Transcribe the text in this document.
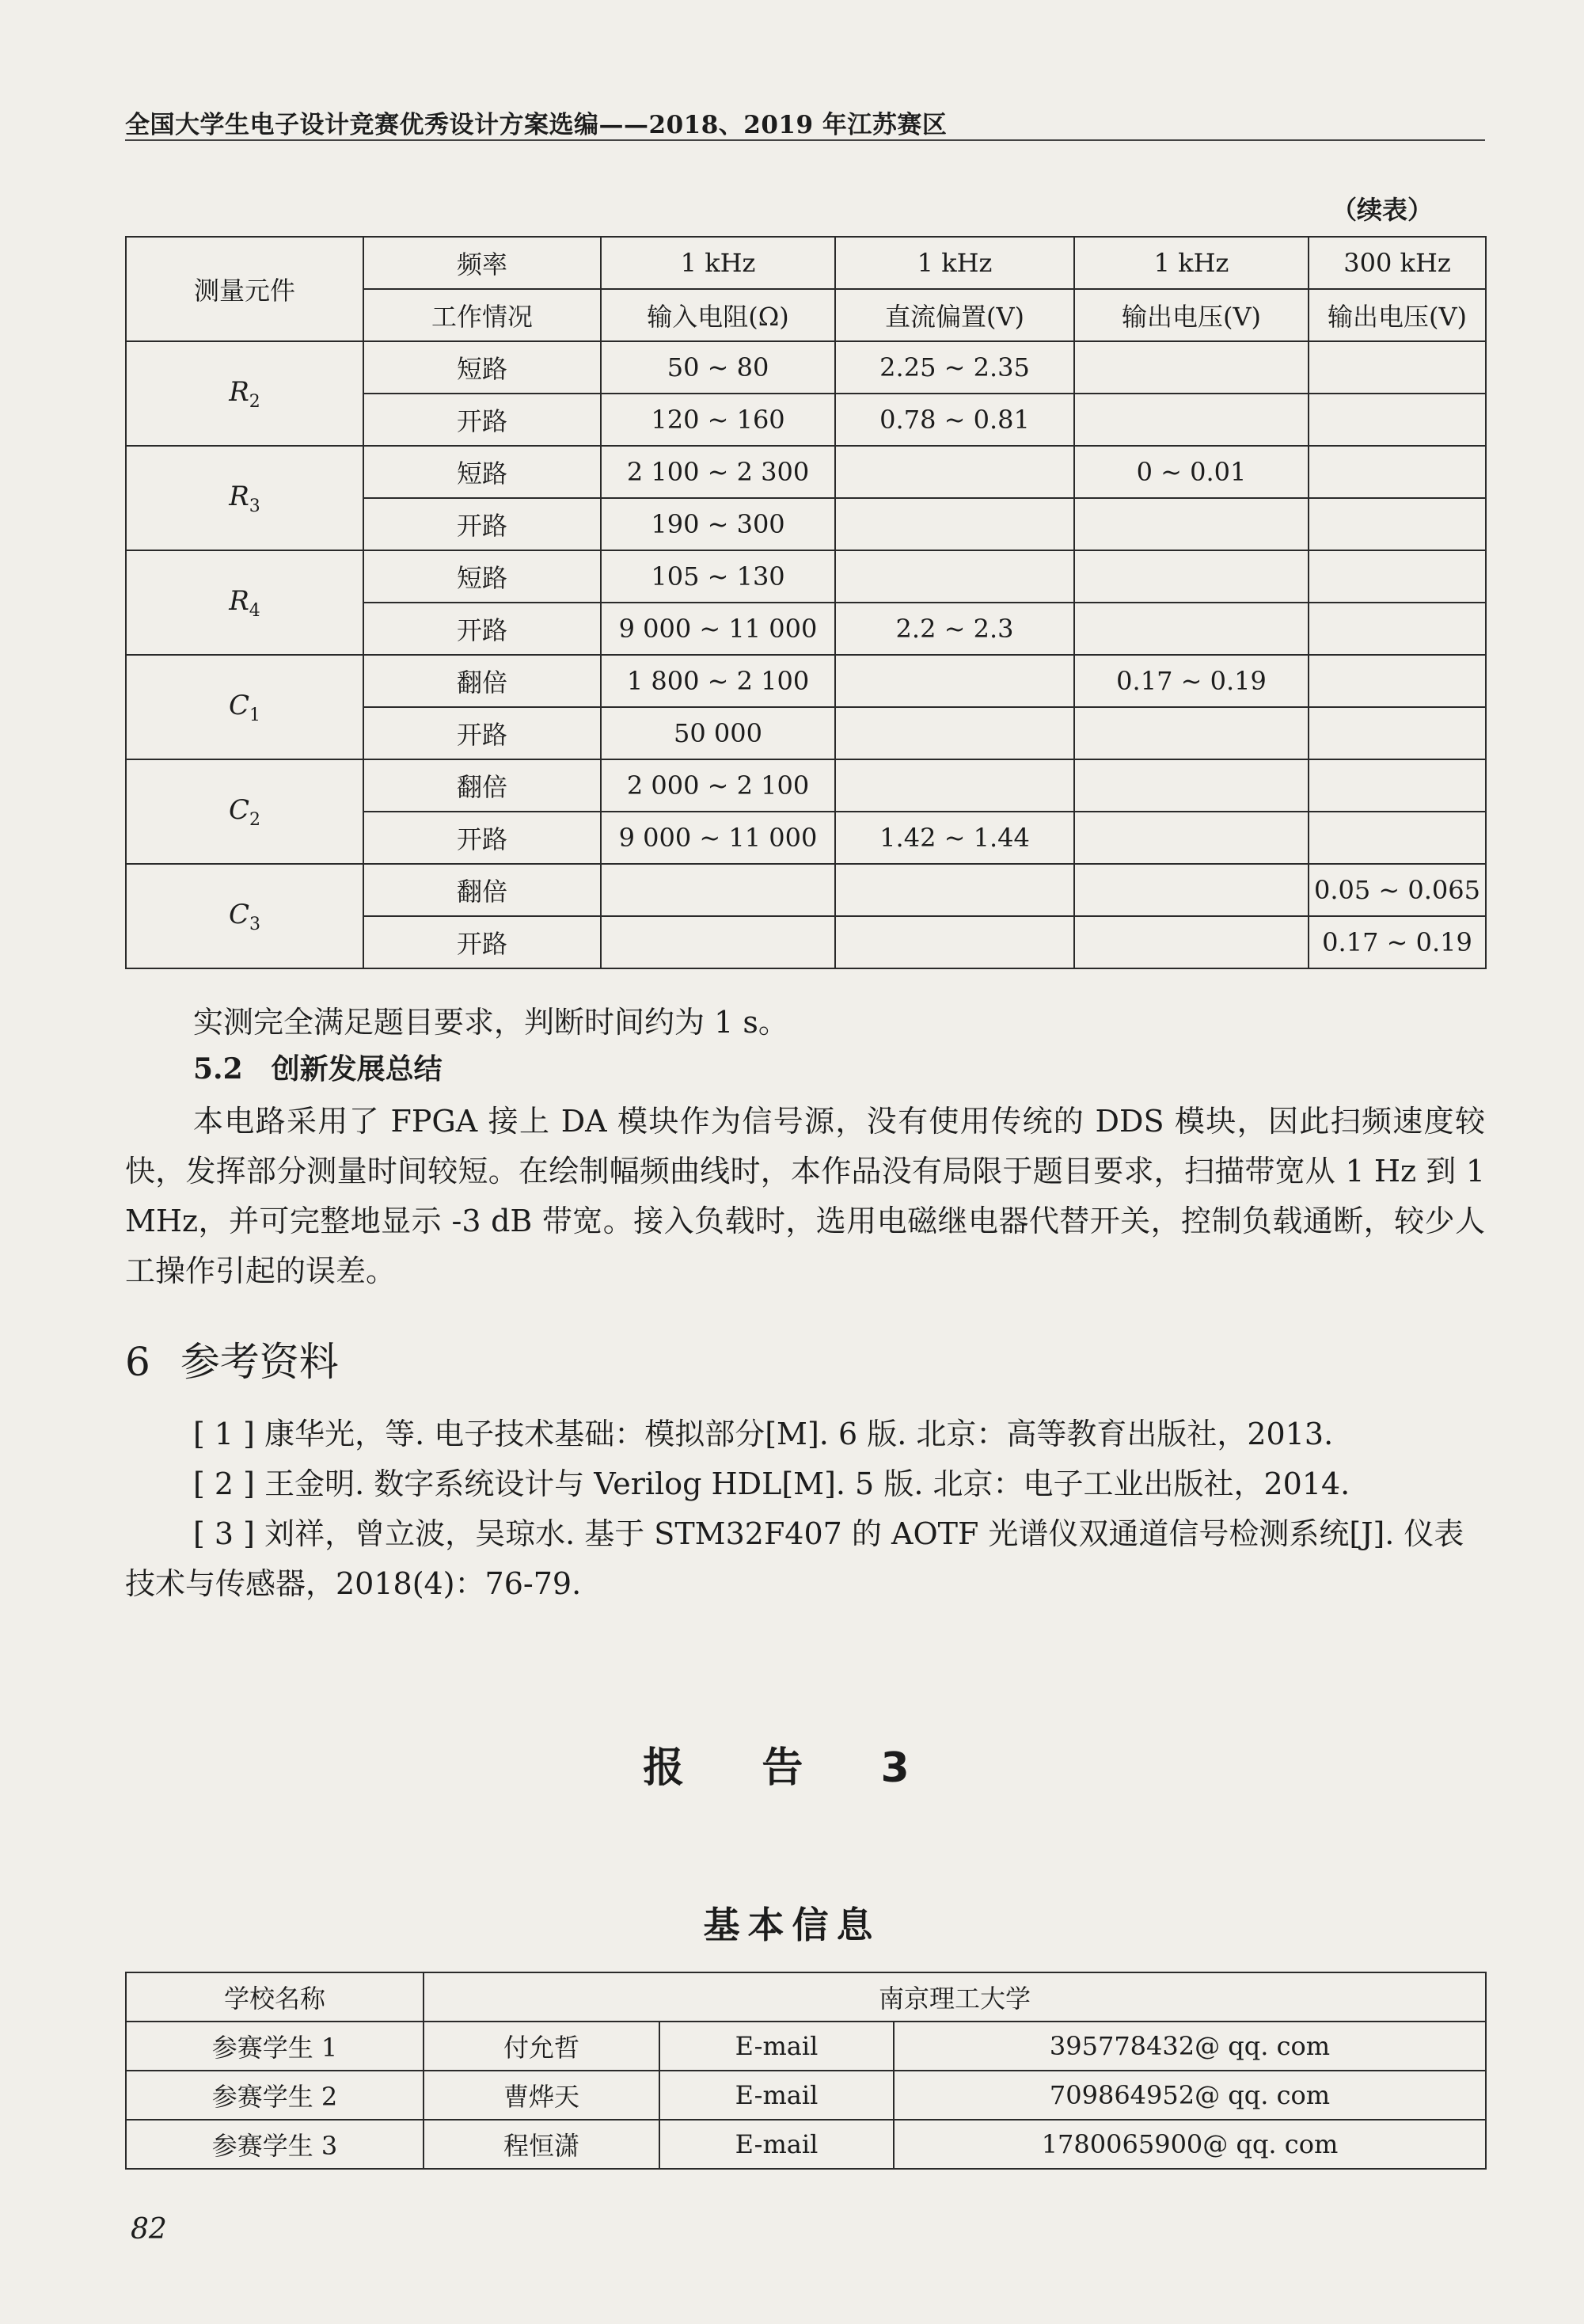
全国大学生电子设计竞赛优秀设计方案选编——2018、2019 年江苏赛区
（续表）
测量元件	频率	1 kHz	1 kHz	1 kHz	300 kHz
	工作情况	输入电阻(Ω)	直流偏置(V)	输出电压(V)	输出电压(V)
$R_2$	短路	50 ~ 80	2.25 ~ 2.35		
	开路	120 ~ 160	0.78 ~ 0.81		
$R_3$	短路	2 100 ~ 2 300		0 ~ 0.01	
	开路	190 ~ 300			
$R_4$	短路	105 ~ 130			
	开路	9 000 ~ 11 000	2.2 ~ 2.3		
$C_1$	翻倍	1 800 ~ 2 100		0.17 ~ 0.19	
	开路	50 000			
$C_2$	翻倍	2 000 ~ 2 100			
	开路	9 000 ~ 11 000	1.42 ~ 1.44		
$C_3$	翻倍				0.05 ~ 0.065
	开路				0.17 ~ 0.19
实测完全满足题目要求，判断时间约为 1 s。
5.2 创新发展总结
本电路采用了 FPGA 接上 DA 模块作为信号源，没有使用传统的 DDS 模块，因此扫频速度较快，发挥部分测量时间较短。在绘制幅频曲线时，本作品没有局限于题目要求，扫描带宽从 1 Hz 到 1 MHz，并可完整地显示 -3 dB 带宽。接入负载时，选用电磁继电器代替开关，控制负载通断，较少人工操作引起的误差。
6 参考资料
[ 1 ] 康华光，等. 电子技术基础：模拟部分[M]. 6 版. 北京：高等教育出版社，2013.
[ 2 ] 王金明. 数字系统设计与 Verilog HDL[M]. 5 版. 北京：电子工业出版社，2014.
[ 3 ] 刘祥，曾立波，吴琼水. 基于 STM32F407 的 AOTF 光谱仪双通道信号检测系统[J]. 仪表技术与传感器，2018(4)：76-79.
报 告 3
基本信息
学校名称	南京理工大学		
参赛学生 1	付允哲	E-mail	395778432@ qq. com
参赛学生 2	曹烨天	E-mail	709864952@ qq. com
参赛学生 3	程恒潇	E-mail	1780065900@ qq. com
82
